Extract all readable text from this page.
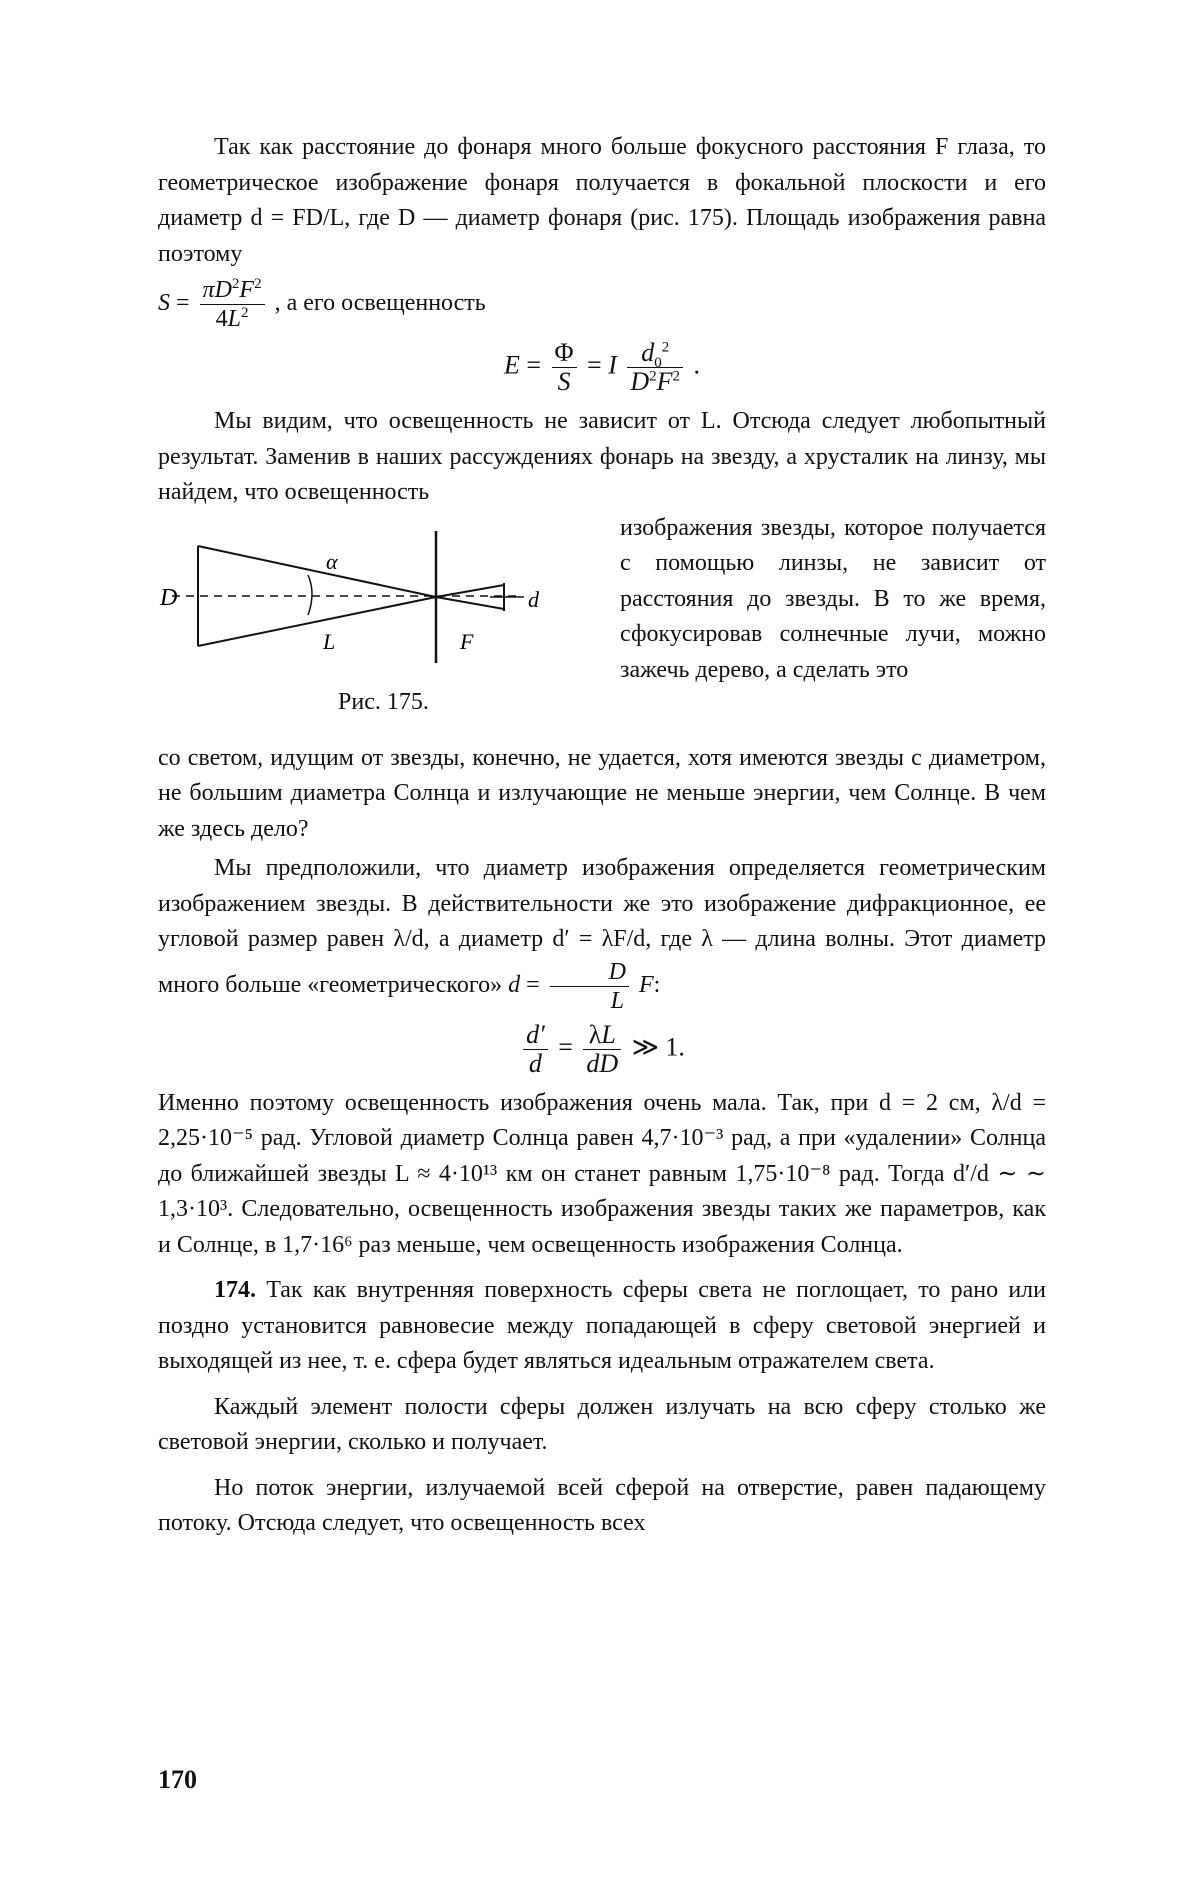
Так как расстояние до фонаря много больше фокусного расстояния F глаза, то геометрическое изображение фонаря получается в фокальной плоскости и его диаметр d = FD/L, где D — диаметр фонаря (рис. 175). Площадь изображения равна поэтому

$S = \frac{\pi D^2F^2}{4L^2}$ , а его освещенность

$E = \frac{\Phi}{S} = I \frac{d_0^2}{D^2F^2}$ .

Мы видим, что освещенность не зависит от L. Отсюда следует любопытный результат. Заменив в наших рассуждениях фонарь на звезду, а хрусталик на линзу, мы найдем, что освещенность

D
α
L	F
d
Рис. 175.

изображения звезды, которое получается с помощью линзы, не зависит от расстояния до звезды. В то же время, сфокусировав солнечные лучи, можно зажечь дерево, а сделать это

со светом, идущим от звезды, конечно, не удается, хотя имеются звезды с диаметром, не большим диаметра Солнца и излучающие не меньше энергии, чем Солнце. В чем же здесь дело?

Мы предположили, что диаметр изображения определяется геометрическим изображением звезды. В действительности же это изображение дифракционное, ее угловой размер равен λ/d, а диаметр d′ = λF/d, где λ — длина волны. Этот диаметр много больше «геометрического» $d = \frac{D}{L} F$:

$\frac{d'}{d} = \frac{\lambda L}{dD}$ ≫ 1.

Именно поэтому освещенность изображения очень мала. Так, при d = 2 см, λ/d = 2,25·10⁻⁵ рад. Угловой диаметр Солнца равен 4,7·10⁻³ рад, а при «удалении» Солнца до ближайшей звезды L ≈ 4·10¹³ км он станет равным 1,75·10⁻⁸ рад. Тогда d′/d ∼ ∼ 1,3·10³. Следовательно, освещенность изображения звезды таких же параметров, как и Солнце, в 1,7·16⁶ раз меньше, чем освещенность изображения Солнца.

174. Так как внутренняя поверхность сферы света не поглощает, то рано или поздно установится равновесие между попадающей в сферу световой энергией и выходящей из нее, т. е. сфера будет являться идеальным отражателем света.

Каждый элемент полости сферы должен излучать на всю сферу столько же световой энергии, сколько и получает.

Но поток энергии, излучаемой всей сферой на отверстие, равен падающему потоку. Отсюда следует, что освещенность всех

170
